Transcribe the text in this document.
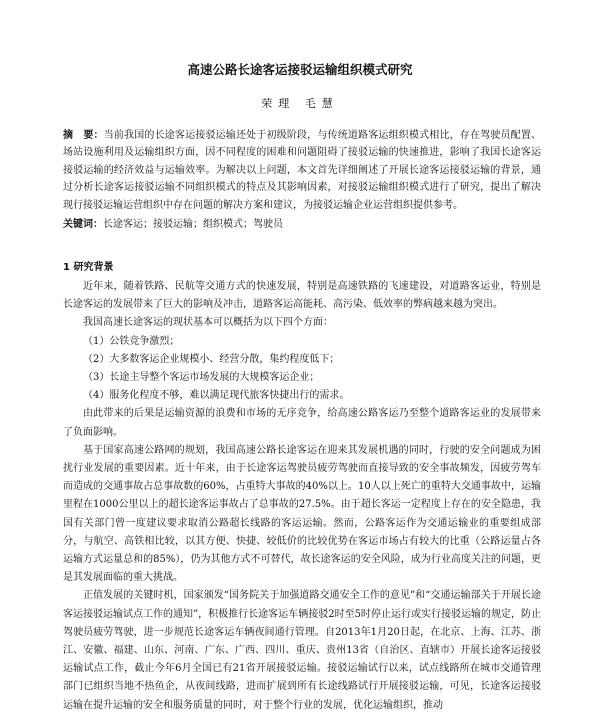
高速公路长途客运接驳运输组织模式研究
荣理 毛慧

摘　要：当前我国的长途客运接驳运输还处于初级阶段，与传统道路客运组织模式相比，存在驾驶员配置、场站设施利用及运输组织方面，因不同程度的困难和问题阻碍了接驳运输的快速推进，影响了我国长途客运接驳运输的经济效益与运输效率。为解决以上问题，本文首先详细阐述了开展长途客运接驳运输的背景，通过分析长途客运接驳运输不同组织模式的特点及其影响因素，对接驳运输组织模式进行了研究，提出了解决现行接驳运输运营组织中存在问题的解决方案和建议，为接驳运输企业运营组织提供参考。

关键词：长途客运；接驳运输；组织模式；驾驶员

1 研究背景

近年来，随着铁路、民航等交通方式的快速发展，特别是高速铁路的飞速建设，对道路客运业，特别是长途客运的发展带来了巨大的影响及冲击，道路客运高能耗、高污染、低效率的弊病越来越为突出。

我国高速长途客运的现状基本可以概括为以下四个方面：

（1）公铁竞争激烈；

（2）大多数客运企业规模小、经营分散，集约程度低下；

（3）长途主导整个客运市场发展的大规模客运企业；

（4）服务化程度不够，难以满足现代旅客快捷出行的需求。

由此带来的后果是运输资源的浪费和市场的无序竞争，给高速公路客运乃至整个道路客运业的发展带来了负面影响。

基于国家高速公路网的规划，我国高速公路长途客运在迎来其发展机遇的同时，行驶的安全问题成为困扰行业发展的重要因素。近十年来，由于长途客运驾驶员疲劳驾驶而直接导致的安全事故频发，因疲劳驾车而造成的交通事故占总事故数的60%，占重特大事故的40%以上。10人以上死亡的重特大交通事故中，运输里程在1000公里以上的超长途客运事故占了总事故的27.5%。由于超长客运一定程度上存在的安全隐患，我国有关部门曾一度建议要求取消公路超长线路的客运运输。然而，公路客运作为交通运输业的重要组成部分，与航空、高铁相比较，以其方便、快捷、较低价的比较优势在客运市场占有较大的比重（公路运量占各运输方式运量总和的85%），仍为其他方式不可替代，故长途客运的安全风险，成为行业高度关注的问题，更是其发展面临的重大挑战。

正值发展的关键时机，国家颁发“国务院关于加强道路交通安全工作的意见”和“交通运输部关于开展长途客运接驳运输试点工作的通知”，积极推行长途客运车辆接驳2时至5时停止运行或实行接驳运输的规定，防止驾驶员疲劳驾驶，进一步规范长途客运车辆夜间通行管理。自2013年1月20日起，在北京、上海、江苏、浙江、安徽、福建、山东、河南、广东、广西、四川、重庆、贵州13省（自治区、直辖市）开展长途客运接驳运输试点工作，截止今年6月全国已有21省开展接驳运输。接驳运输试行以来，试点线路所在城市交通管理部门已组织当地不热鱼企，从夜间线路，进而扩展到所有长途线路试行开展接驳运输，可见，长途客运接驳运输在提升运输的安全和服务质量的同时，对于整个行业的发展，优化运输组织，推动
